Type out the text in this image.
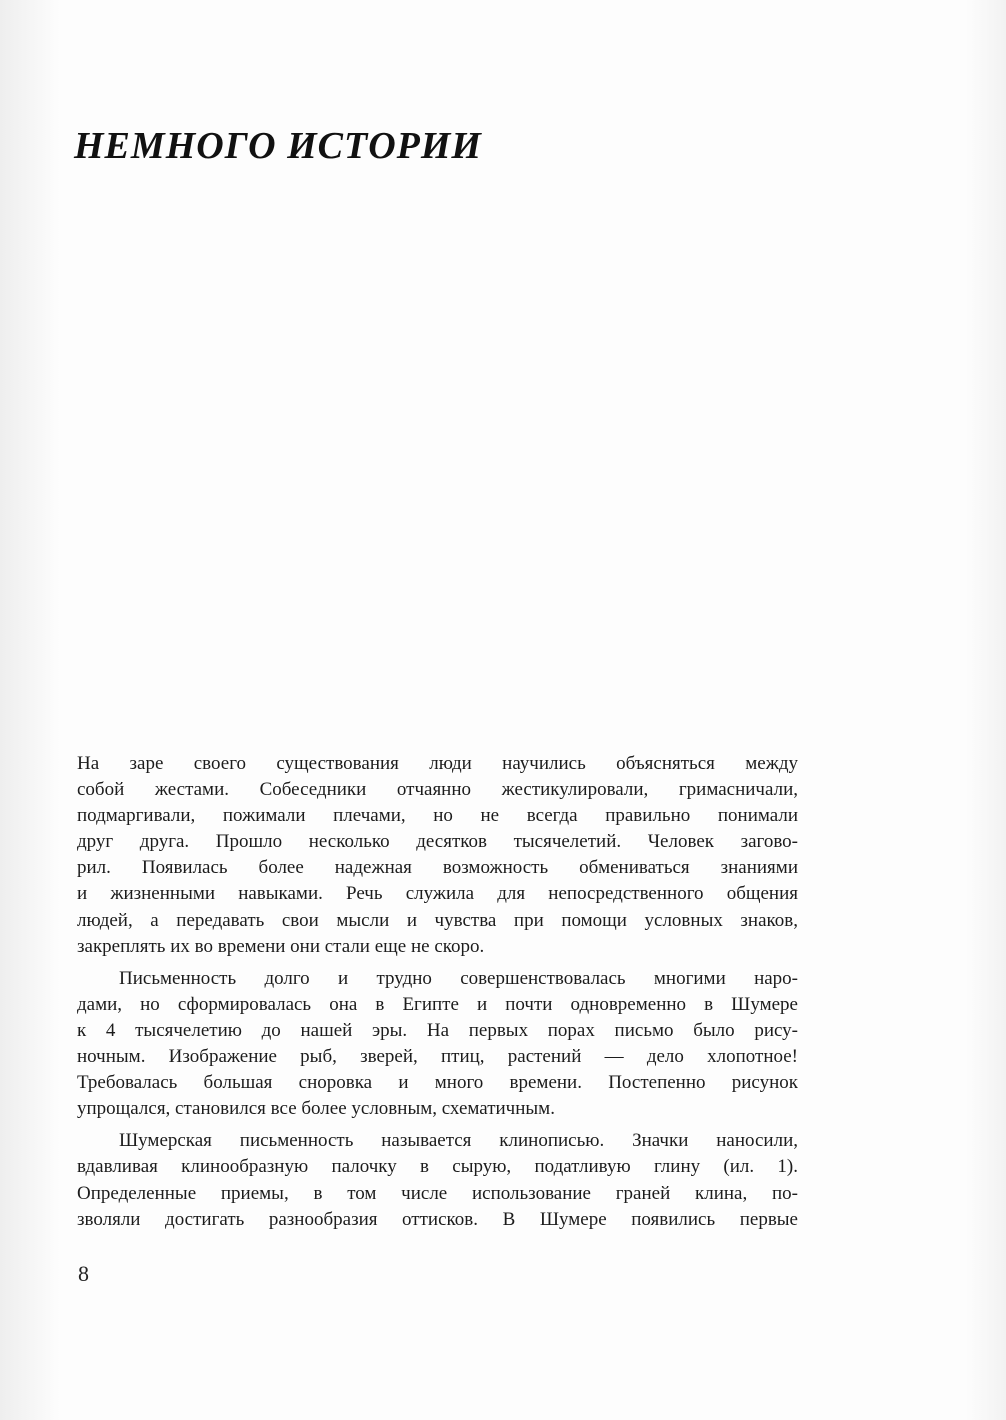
НЕМНОГО ИСТОРИИ
На заре своего существования люди научились объясняться между
собой жестами. Собеседники отчаянно жестикулировали, гримасничали,
подмаргивали, пожимали плечами, но не всегда правильно понимали
друг друга. Прошло несколько десятков тысячелетий. Человек загово-
рил. Появилась более надежная возможность обмениваться знаниями
и жизненными навыками. Речь служила для непосредственного общения
людей, а передавать свои мысли и чувства при помощи условных знаков,
закреплять их во времени они стали еще не скоро.
Письменность долго и трудно совершенствовалась многими наро-
дами, но сформировалась она в Египте и почти одновременно в Шумере
к 4 тысячелетию до нашей эры. На первых порах письмо было рису-
ночным. Изображение рыб, зверей, птиц, растений — дело хлопотное!
Требовалась большая сноровка и много времени. Постепенно рисунок
упрощался, становился все более условным, схематичным.
Шумерская письменность называется клинописью. Значки наносили,
вдавливая клинообразную палочку в сырую, податливую глину (ил. 1).
Определенные приемы, в том числе использование граней клина, по-
зволяли достигать разнообразия оттисков. В Шумере появились первые
8
